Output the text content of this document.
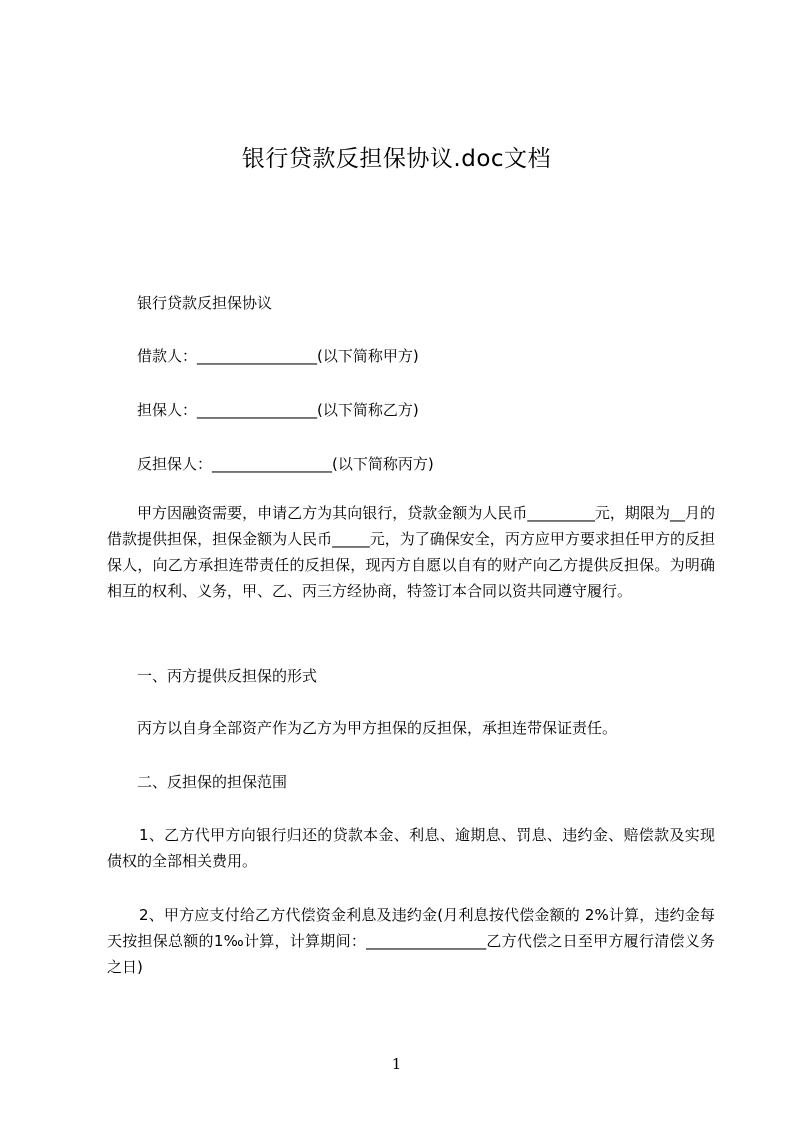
银行贷款反担保协议.doc文档
银行贷款反担保协议
借款人：________________(以下简称甲方)
担保人：________________(以下简称乙方)
反担保人：________________(以下简称丙方)
甲方因融资需要，申请乙方为其向银行，贷款金额为人民币_________元，期限为__月的借款提供担保，担保金额为人民币_____元，为了确保安全，丙方应甲方要求担任甲方的反担保人，向乙方承担连带责任的反担保，现丙方自愿以自有的财产向乙方提供反担保。为明确相互的权利、义务，甲、乙、丙三方经协商，特签订本合同以资共同遵守履行。
一、丙方提供反担保的形式
丙方以自身全部资产作为乙方为甲方担保的反担保，承担连带保证责任。
二、反担保的担保范围
1、乙方代甲方向银行归还的贷款本金、利息、逾期息、罚息、违约金、赔偿款及实现债权的全部相关费用。
2、甲方应支付给乙方代偿资金利息及违约金(月利息按代偿金额的 2%计算，违约金每天按担保总额的1‰计算，计算期间：________________乙方代偿之日至甲方履行清偿义务之日)
1
